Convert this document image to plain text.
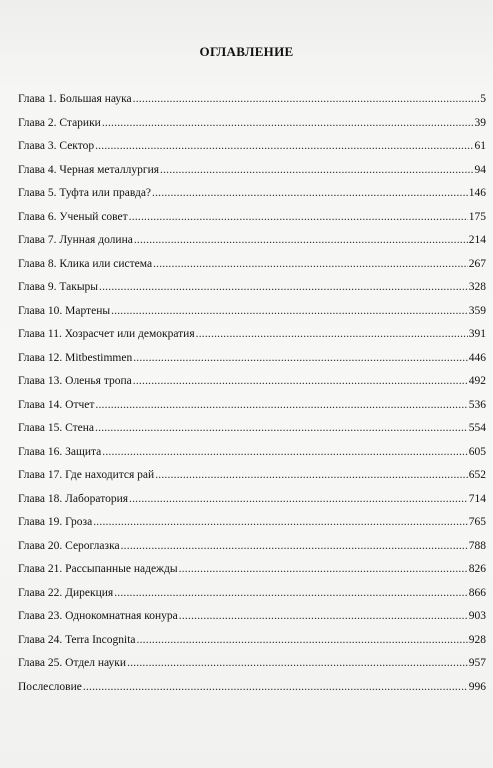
ОГЛАВЛЕНИЕ
Глава 1. Большая наука .....	5
Глава 2. Старики .....	39
Глава 3. Сектор .....	61
Глава 4. Черная металлургия .....	94
Глава 5. Туфта или правда? .....	146
Глава 6. Ученый совет .....	175
Глава 7. Лунная долина .....	214
Глава 8. Клика или система .....	267
Глава 9. Такыры .....	328
Глава 10. Мартены .....	359
Глава 11. Хозрасчет или демократия .....	391
Глава 12. Mitbestimmen .....	446
Глава 13. Оленья тропа .....	492
Глава 14. Отчет .....	536
Глава 15. Стена .....	554
Глава 16. Защита .....	605
Глава 17. Где находится рай .....	652
Глава 18. Лаборатория .....	714
Глава 19. Гроза .....	765
Глава 20. Сероглазка .....	788
Глава 21. Рассыпанные надежды .....	826
Глава 22. Дирекция .....	866
Глава 23. Однокомнатная конура .....	903
Глава 24. Terra Incognita .....	928
Глава 25. Отдел науки .....	957
Послесловие .....	996
